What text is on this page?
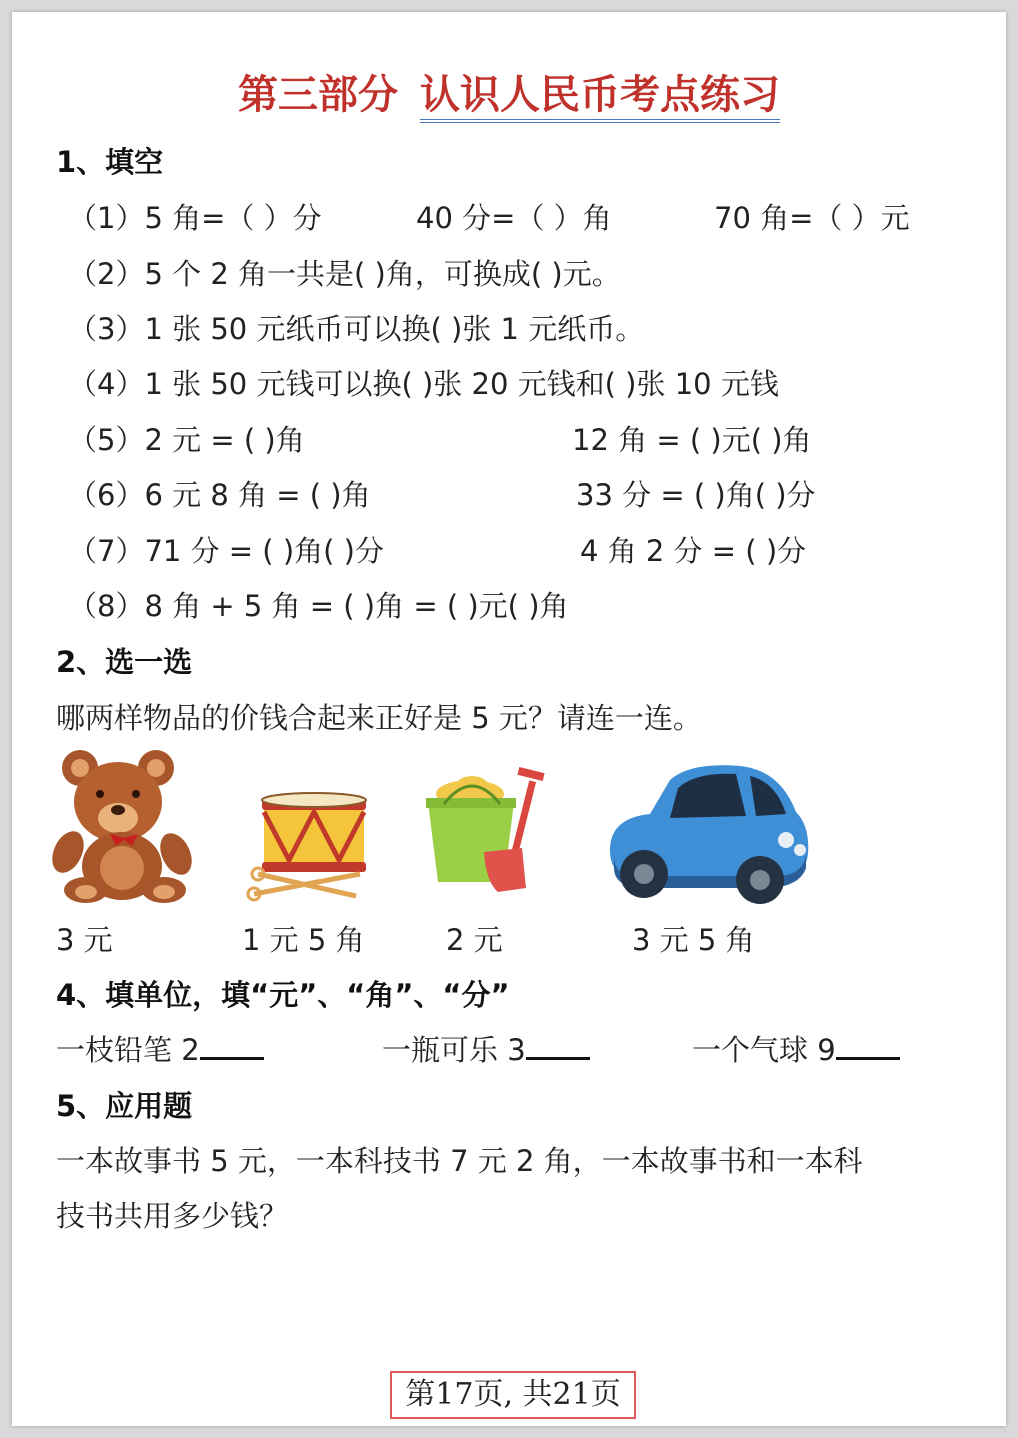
第三部分 认识人民币考点练习
1、填空
（1）5 角=（ ）分	40 分=（ ）角	70 角=（ ）元
（2）5 个 2 角一共是( )角，可换成( )元。
（3）1 张 50 元纸币可以换( )张 1 元纸币。
（4）1 张 50 元钱可以换( )张 20 元钱和( )张 10 元钱
（5）2 元 = ( )角	12 角 = ( )元( )角
（6）6 元 8 角 = ( )角	33 分 = ( )角( )分
（7）71 分 = ( )角( )分	4 角 2 分 = ( )分
（8）8 角 + 5 角 = ( )角 = ( )元( )角
2、选一选
哪两样物品的价钱合起来正好是 5 元？请连一连。
3 元	1 元 5 角	2 元	3 元 5 角
4、填单位，填“元”、“角”、“分”
一枝铅笔 2	一瓶可乐 3	一个气球 9
5、应用题
一本故事书 5 元，一本科技书 7 元 2 角，一本故事书和一本科
技书共用多少钱？
第17页, 共21页
